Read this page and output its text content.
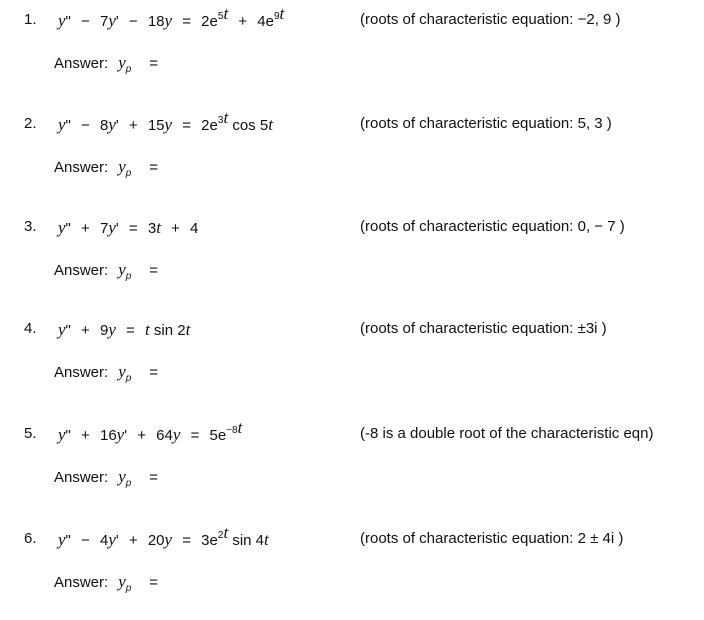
1. y" − $7y' - 18y = 2e^{5t} + 4e^{9t}$	(roots of characteristic equation: −2, 9 )
Answer: $y_p$ =
2. y" − $8y' + 15y = 2e^{3t}$ cos 5t	(roots of characteristic equation: 5, 3 )
Answer: $y_p$ =
3. y" + 7y' = 3t + 4	(roots of characteristic equation: 0, − 7 )
Answer: $y_p$ =
4. y" + 9y = t sin 2t	(roots of characteristic equation: ±3i )
Answer: $y_p$ =
5. y" + $16y' + 64y = 5e^{-8t}$	(-8 is a double root of the characteristic eqn)
Answer: $y_p$ =
6. y" − $4y' + 20y = 3e^{2t}$ sin 4t	(roots of characteristic equation: 2 ± 4i )
Answer: $y_p$ =
